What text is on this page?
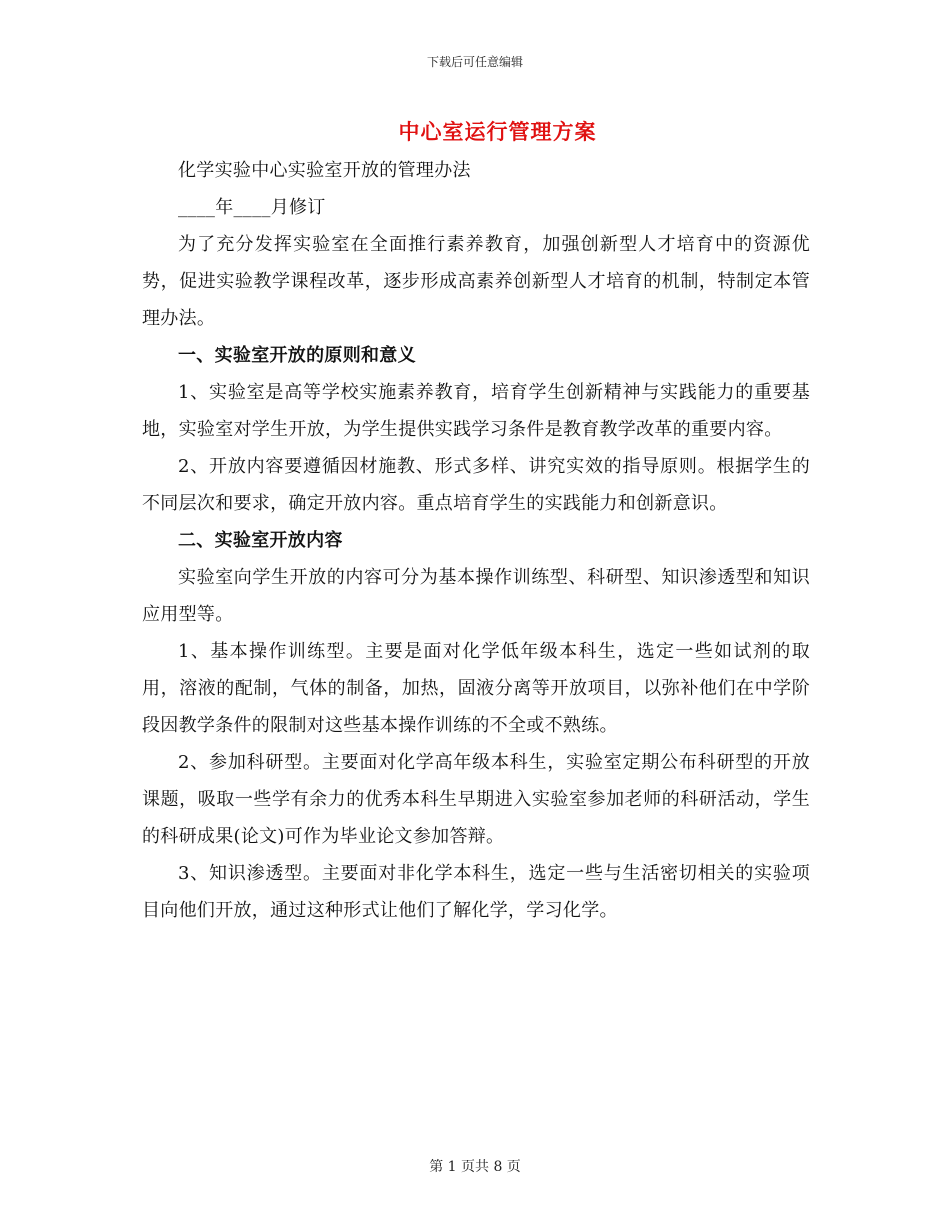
下载后可任意编辑
中心室运行管理方案

化学实验中心实验室开放的管理办法

____年____月修订

为了充分发挥实验室在全面推行素养教育，加强创新型人才培育中的资源优势，促进实验教学课程改革，逐步形成高素养创新型人才培育的机制，特制定本管理办法。

一、实验室开放的原则和意义

1、实验室是高等学校实施素养教育，培育学生创新精神与实践能力的重要基地，实验室对学生开放，为学生提供实践学习条件是教育教学改革的重要内容。

2、开放内容要遵循因材施教、形式多样、讲究实效的指导原则。根据学生的不同层次和要求，确定开放内容。重点培育学生的实践能力和创新意识。

二、实验室开放内容

实验室向学生开放的内容可分为基本操作训练型、科研型、知识渗透型和知识应用型等。

1、基本操作训练型。主要是面对化学低年级本科生，选定一些如试剂的取用，溶液的配制，气体的制备，加热，固液分离等开放项目，以弥补他们在中学阶段因教学条件的限制对这些基本操作训练的不全或不熟练。

2、参加科研型。主要面对化学高年级本科生，实验室定期公布科研型的开放课题，吸取一些学有余力的优秀本科生早期进入实验室参加老师的科研活动，学生的科研成果(论文)可作为毕业论文参加答辩。

3、知识渗透型。主要面对非化学本科生，选定一些与生活密切相关的实验项目向他们开放，通过这种形式让他们了解化学，学习化学。

第 1 页共 8 页
